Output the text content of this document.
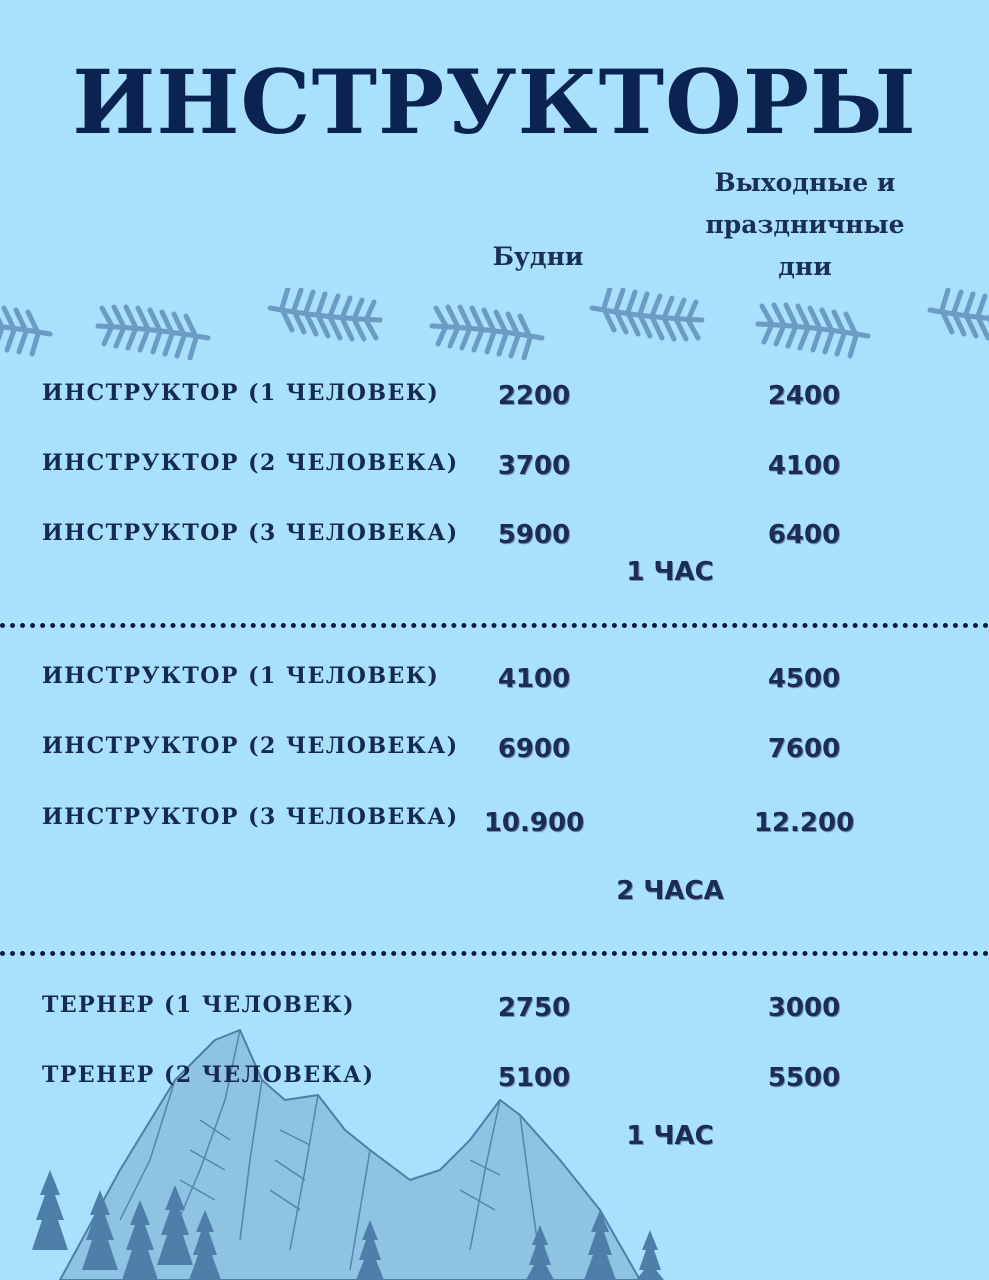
ИНСТРУКТОРЫ
Будни
Выходные и
праздничные
дни
ИНСТРУКТОР (1 ЧЕЛОВЕК)	2200	2400
ИНСТРУКТОР (2 ЧЕЛОВЕКА)	3700	4100
ИНСТРУКТОР (3 ЧЕЛОВЕКА)	5900	6400
1 ЧАС
ИНСТРУКТОР (1 ЧЕЛОВЕК)	4100	4500
ИНСТРУКТОР (2 ЧЕЛОВЕКА)	6900	7600
ИНСТРУКТОР (3 ЧЕЛОВЕКА) 10.900	12.200
2 ЧАСА
ТЕРНЕР (1 ЧЕЛОВЕК)	2750	3000
ТРЕНЕР (2 ЧЕЛОВЕКА)	5100	5500
1 ЧАС
